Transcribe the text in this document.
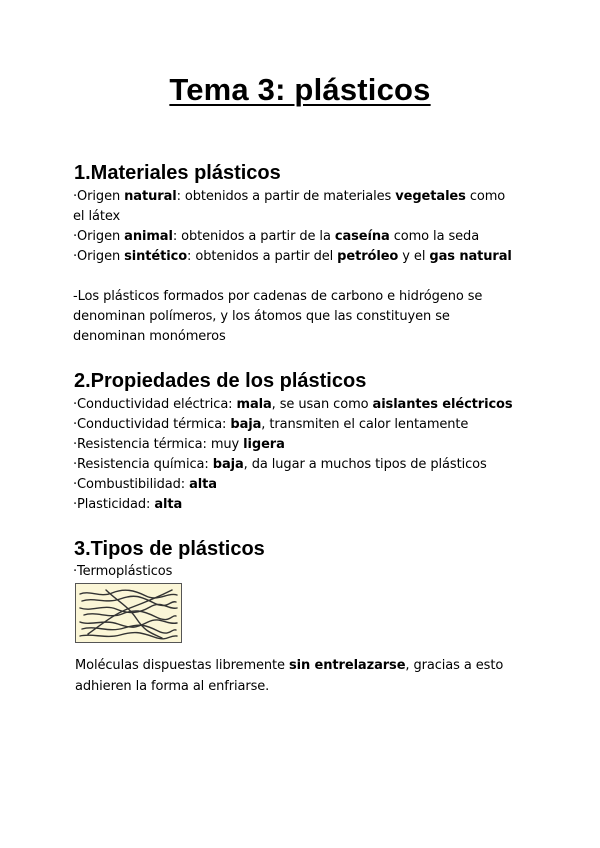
Tema 3: plásticos
1.Materiales plásticos

·Origen natural: obtenidos a partir de materiales vegetales como

el látex

·Origen animal: obtenidos a partir de la caseína como la seda

·Origen sintético: obtenidos a partir del petróleo y el gas natural

-Los plásticos formados por cadenas de carbono e hidrógeno se

denominan polímeros, y los átomos que las constituyen se

denominan monómeros

2.Propiedades de los plásticos

·Conductividad eléctrica: mala, se usan como aislantes eléctricos

·Conductividad térmica: baja, transmiten el calor lentamente

·Resistencia térmica: muy ligera

·Resistencia química: baja, da lugar a muchos tipos de plásticos

·Combustibilidad: alta

·Plasticidad: alta

3.Tipos de plásticos

·Termoplásticos

Moléculas dispuestas libremente sin entrelazarse, gracias a esto

adhieren la forma al enfriarse.
